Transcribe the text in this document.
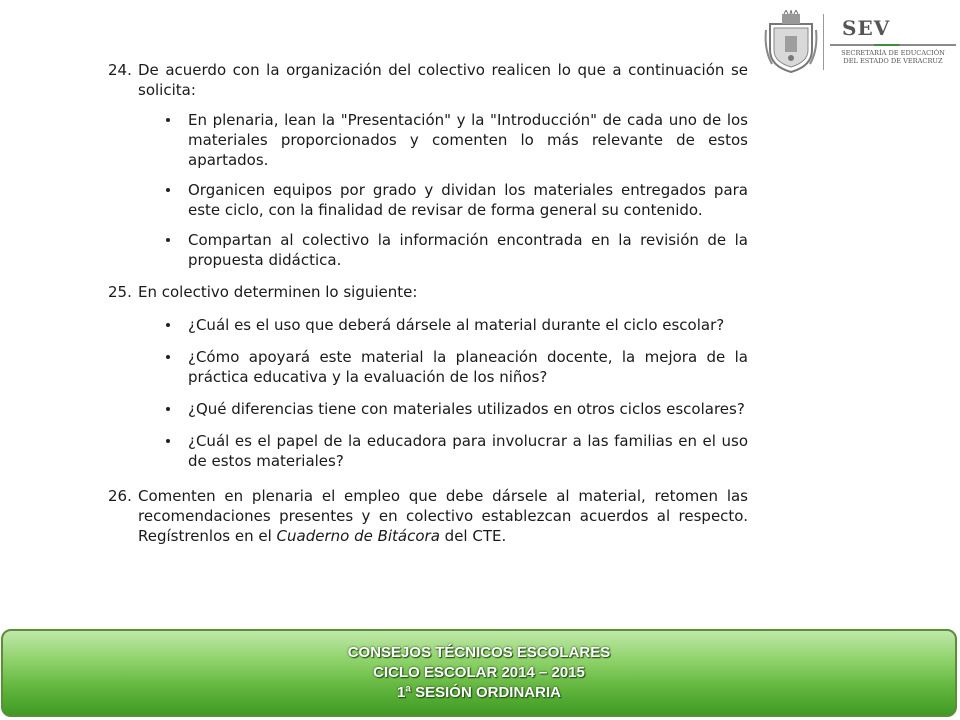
SEV
SECRETARÍA DE EDUCACIÓN
DEL ESTADO DE VERACRUZ
24. De acuerdo con la organización del colectivo realicen lo que a continuación se solicita:
En plenaria, lean la "Presentación" y la "Introducción" de cada uno de los materiales proporcionados y comenten lo más relevante de estos apartados.
Organicen equipos por grado y dividan los materiales entregados para este ciclo, con la finalidad de revisar de forma general su contenido.
Compartan al colectivo la información encontrada en la revisión de la propuesta didáctica.
25. En colectivo determinen lo siguiente:
¿Cuál es el uso que deberá dársele al material durante el ciclo escolar?
¿Cómo apoyará este material la planeación docente, la mejora de la práctica educativa y la evaluación de los niños?
¿Qué diferencias tiene con materiales utilizados en otros ciclos escolares?
¿Cuál es el papel de la educadora para involucrar a las familias en el uso de estos materiales?
26. Comenten en plenaria el empleo que debe dársele al material, retomen las recomendaciones presentes y en colectivo establezcan acuerdos al respecto. Regístrenlos en el Cuaderno de Bitácora del CTE.
CONSEJOS TÉCNICOS ESCOLARES
CICLO ESCOLAR 2014 – 2015
1ª SESIÓN ORDINARIA
